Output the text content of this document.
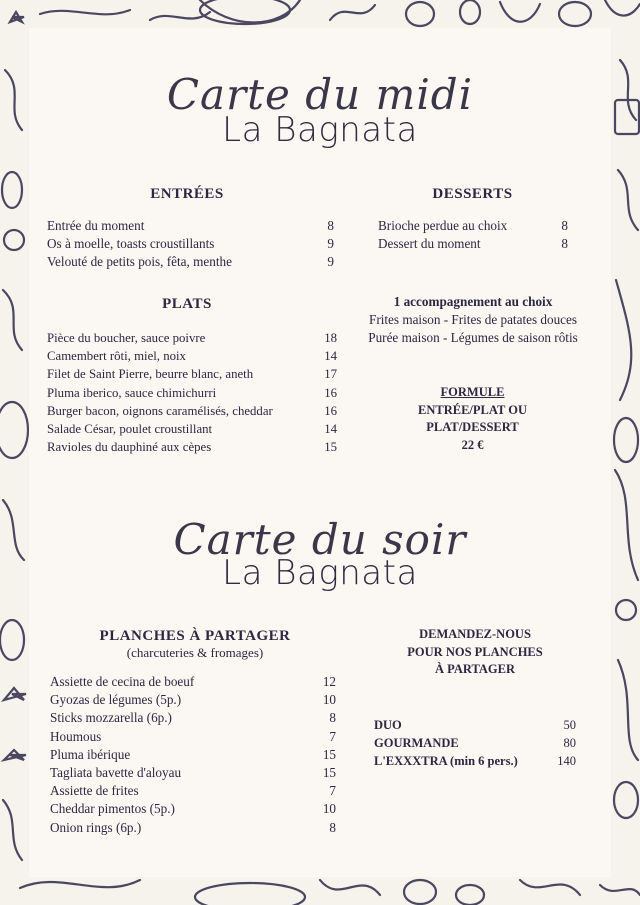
Carte du midi
La Bagnata
ENTRÉES
Entrée du moment	8
Os à moelle, toasts croustillants	9
Velouté de petits pois, fêta, menthe	9
DESSERTS
Brioche perdue au choix	8
Dessert du moment	8
PLATS
Pièce du boucher, sauce poivre	18
Camembert rôti, miel, noix	14
Filet de Saint Pierre, beurre blanc, aneth	17
Pluma iberico, sauce chimichurri	16
Burger bacon, oignons caramélisés, cheddar	16
Salade César, poulet croustillant	14
Ravioles du dauphiné aux cèpes	15
1 accompagnement au choix
Frites maison - Frites de patates douces
Purée maison - Légumes de saison rôtis
FORMULE
ENTRÉE/PLAT OU
PLAT/DESSERT
22 €
Carte du soir
La Bagnata
PLANCHES À PARTAGER
(charcuteries & fromages)
Assiette de cecina de boeuf	12
Gyozas de légumes (5p.)	10
Sticks mozzarella (6p.)	8
Houmous	7
Pluma ibérique	15
Tagliata bavette d'aloyau	15
Assiette de frites	7
Cheddar pimentos (5p.)	10
Onion rings (6p.)	8
DEMANDEZ-NOUS
POUR NOS PLANCHES
À PARTAGER
DUO	50
GOURMANDE	80
L'EXXXTRA (min 6 pers.)	140
